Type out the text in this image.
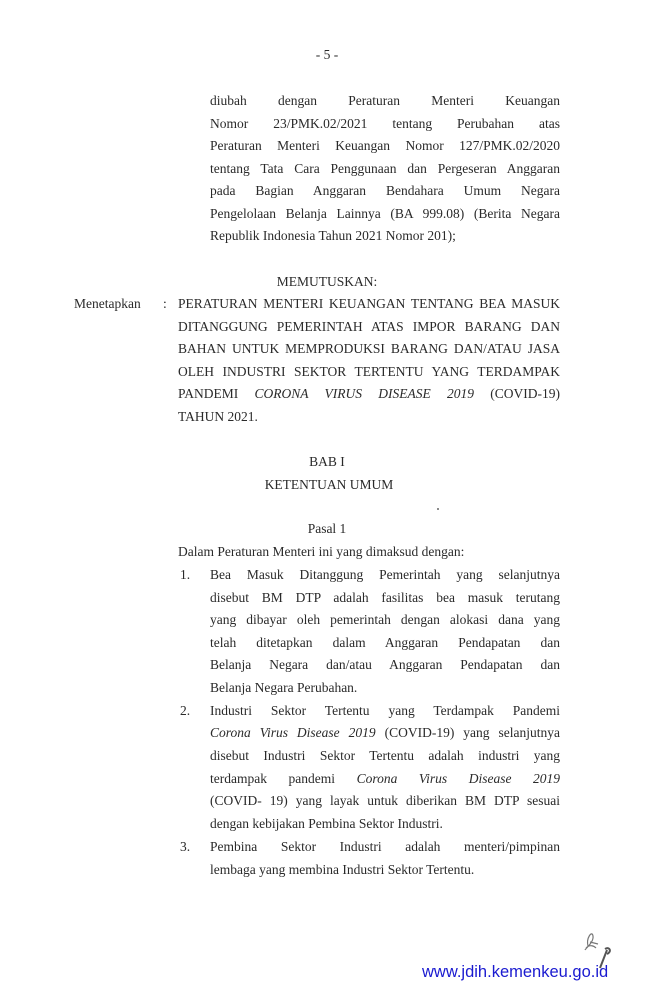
- 5 -
diubah dengan Peraturan Menteri Keuangan
Nomor 23/PMK.02/2021 tentang Perubahan atas
Peraturan Menteri Keuangan Nomor 127/PMK.02/2020
tentang Tata Cara Penggunaan dan Pergeseran Anggaran
pada Bagian Anggaran Bendahara Umum Negara
Pengelolaan Belanja Lainnya (BA 999.08) (Berita Negara
Republik Indonesia Tahun 2021 Nomor 201);
MEMUTUSKAN:
Menetapkan : PERATURAN MENTERI KEUANGAN TENTANG BEA MASUK
DITANGGUNG PEMERINTAH ATAS IMPOR BARANG DAN
BAHAN UNTUK MEMPRODUKSI BARANG DAN/ATAU JASA
OLEH INDUSTRI SEKTOR TERTENTU YANG TERDAMPAK
PANDEMI CORONA VIRUS DISEASE 2019 (COVID-19)
TAHUN 2021.
BAB I
KETENTUAN UMUM
Pasal 1
Dalam Peraturan Menteri ini yang dimaksud dengan:
1. Bea Masuk Ditanggung Pemerintah yang selanjutnya
disebut BM DTP adalah fasilitas bea masuk terutang
yang dibayar oleh pemerintah dengan alokasi dana yang
telah ditetapkan dalam Anggaran Pendapatan dan
Belanja Negara dan/atau Anggaran Pendapatan dan
Belanja Negara Perubahan.
2. Industri Sektor Tertentu yang Terdampak Pandemi
Corona Virus Disease 2019 (COVID-19) yang selanjutnya
disebut Industri Sektor Tertentu adalah industri yang
terdampak pandemi Corona Virus Disease 2019
(COVID- 19) yang layak untuk diberikan BM DTP sesuai
dengan kebijakan Pembina Sektor Industri.
3. Pembina Sektor Industri adalah menteri/pimpinan
lembaga yang membina Industri Sektor Tertentu.
www.jdih.kemenkeu.go.id
